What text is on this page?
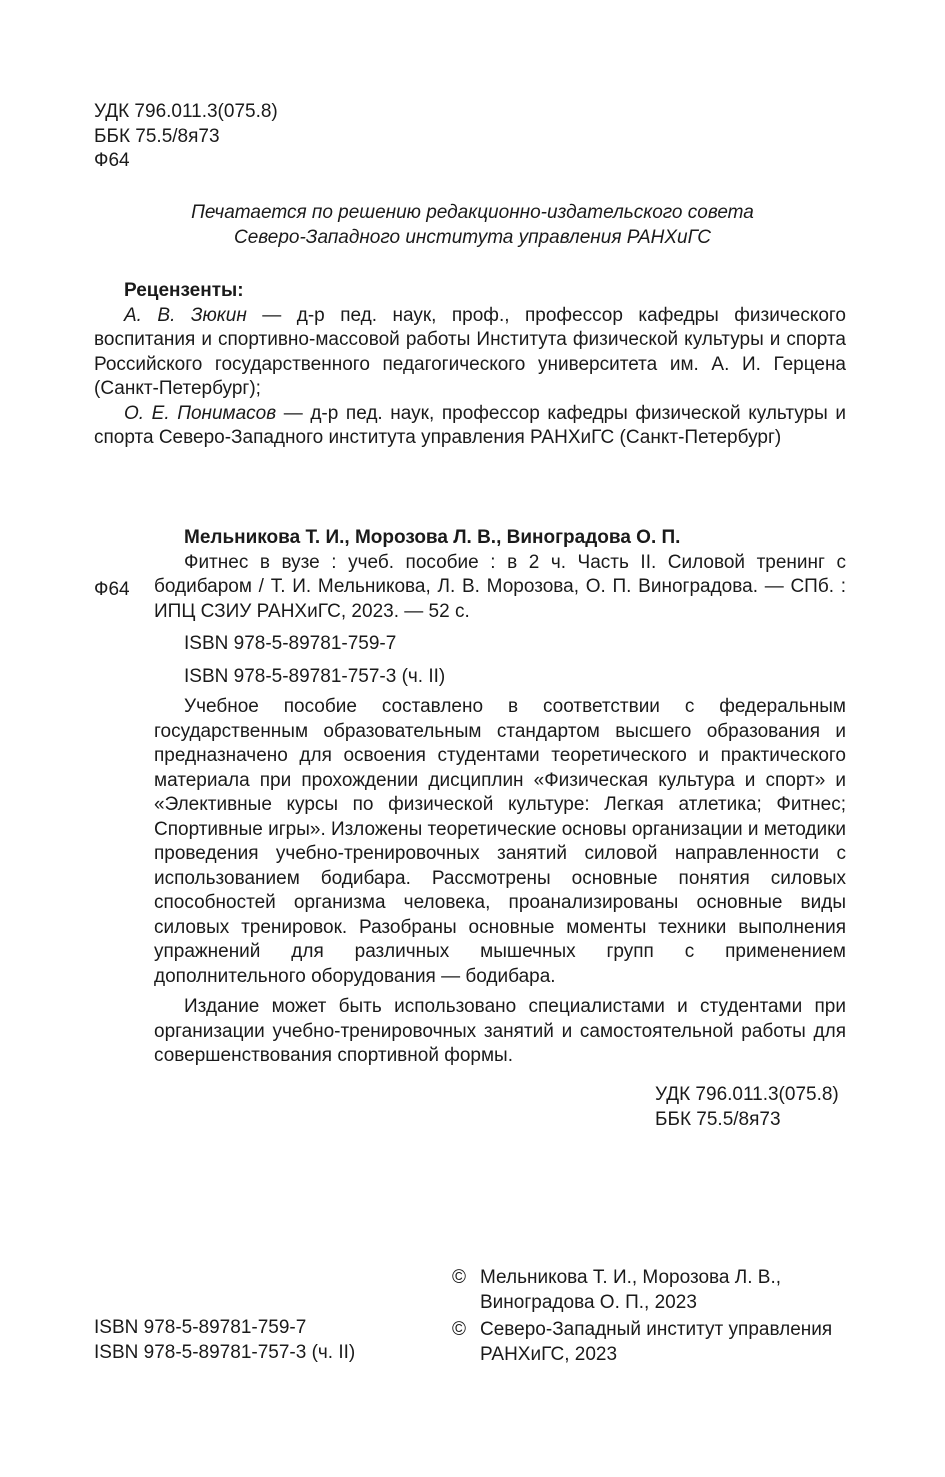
УДК 796.011.3(075.8)
ББК 75.5/8я73
Ф64
Печатается по решению редакционно-издательского совета
Северо-Западного института управления РАНХиГС
Рецензенты:

А. В. Зюкин — д-р пед. наук, проф., профессор кафедры физического воспитания и спортивно-массовой работы Института физической культуры и спорта Российского государственного педагогического университета им. А. И. Герцена (Санкт-Петербург);

О. Е. Понимасов — д-р пед. наук, профессор кафедры физической культуры и спорта Северо-Западного института управления РАНХиГС (Санкт-Петербург)

Ф64
Мельникова Т. И., Морозова Л. В., Виноградова О. П.

Фитнес в вузе : учеб. пособие : в 2 ч. Часть II. Силовой тренинг с бодибаром / Т. И. Мельникова, Л. В. Морозова, О. П. Виноградова. — СПб. : ИПЦ СЗИУ РАНХиГС, 2023. — 52 с.

ISBN 978-5-89781-759-7
ISBN 978-5-89781-757-3 (ч. II)

Учебное пособие составлено в соответствии с федеральным государственным образовательным стандартом высшего образования и предназначено для освоения студентами теоретического и практического материала при прохождении дисциплин «Физическая культура и спорт» и «Элективные курсы по физической культуре: Легкая атлетика; Фитнес; Спортивные игры». Изложены теоретические основы организации и методики проведения учебно-тренировочных занятий силовой направленности с использованием бодибара. Рассмотрены основные понятия силовых способностей организма человека, проанализированы основные виды силовых тренировок. Разобраны основные моменты техники выполнения упражнений для различных мышечных групп с применением дополнительного оборудования — бодибара.

Издание может быть использовано специалистами и студентами при организации учебно-тренировочных занятий и самостоятельной работы для совершенствования спортивной формы.

УДК 796.011.3(075.8)
ББК 75.5/8я73
ISBN 978-5-89781-759-7
ISBN 978-5-89781-757-3 (ч. II)
© Мельникова Т. И., Морозова Л. В.,
Виноградова О. П., 2023
© Северо-Западный институт управления
РАНХиГС, 2023
